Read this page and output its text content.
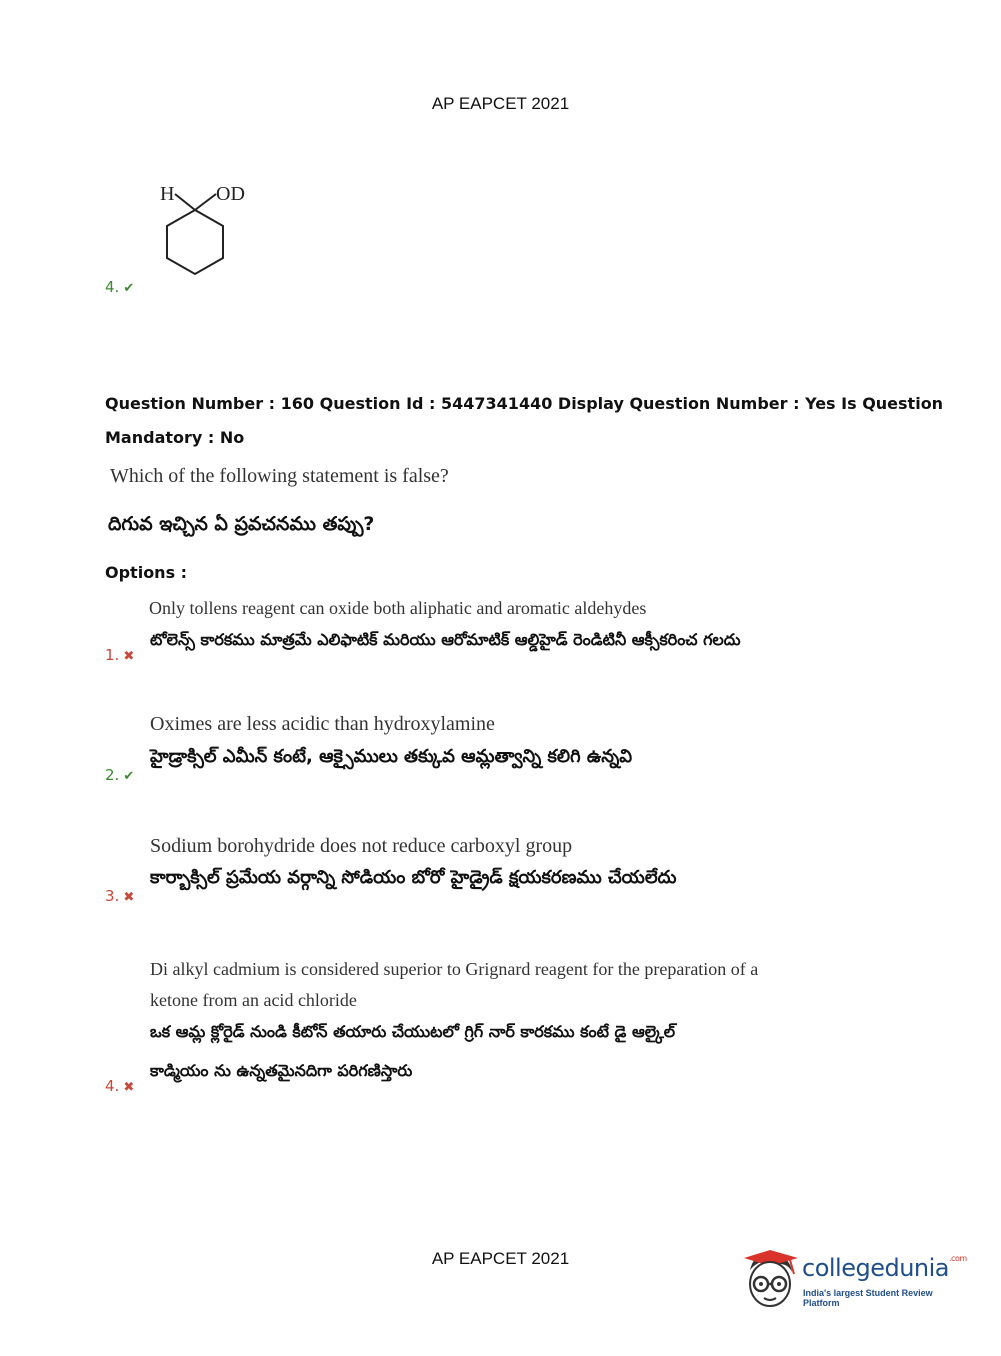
AP EAPCET 2021
H OD
4. ✔
Question Number : 160 Question Id : 5447341440 Display Question Number : Yes Is Question
Mandatory : No
Which of the following statement is false?
దిగువ ఇచ్చిన ఏ ప్రవచనము తప్పు?
Options :
Only tollens reagent can oxide both aliphatic and aromatic aldehydes
టోలెన్స్ కారకము మాత్రమే ఎలిఫాటిక్ మరియు ఆరోమాటిక్ ఆల్డిహైడ్ రెండిటినీ ఆక్సీకరించ గలదు
1. ✖
Oximes are less acidic than hydroxylamine
హైడ్రాక్సిల్ ఎమీన్ కంటే, ఆక్సైములు తక్కువ ఆమ్లత్వాన్ని కలిగి ఉన్నవి
2. ✔
Sodium borohydride does not reduce carboxyl group
కార్బాక్సిల్ ప్రమేయ వర్గాన్ని సోడియం బోరో హైడ్రైడ్ క్షయకరణము చేయలేదు
3. ✖
Di alkyl cadmium is considered superior to Grignard reagent for the preparation of a
ketone from an acid chloride
ఒక ఆమ్ల క్లోరైడ్ నుండి కీటోన్ తయారు చేయుటలో గ్రిగ్ నార్ కారకము కంటే డై ఆల్కైల్
కాడ్మియం ను ఉన్నతమైనదిగా పరిగణిస్తారు
4. ✖
AP EAPCET 2021	collegedunia$^{.com}$
India's largest Student Review Platform
